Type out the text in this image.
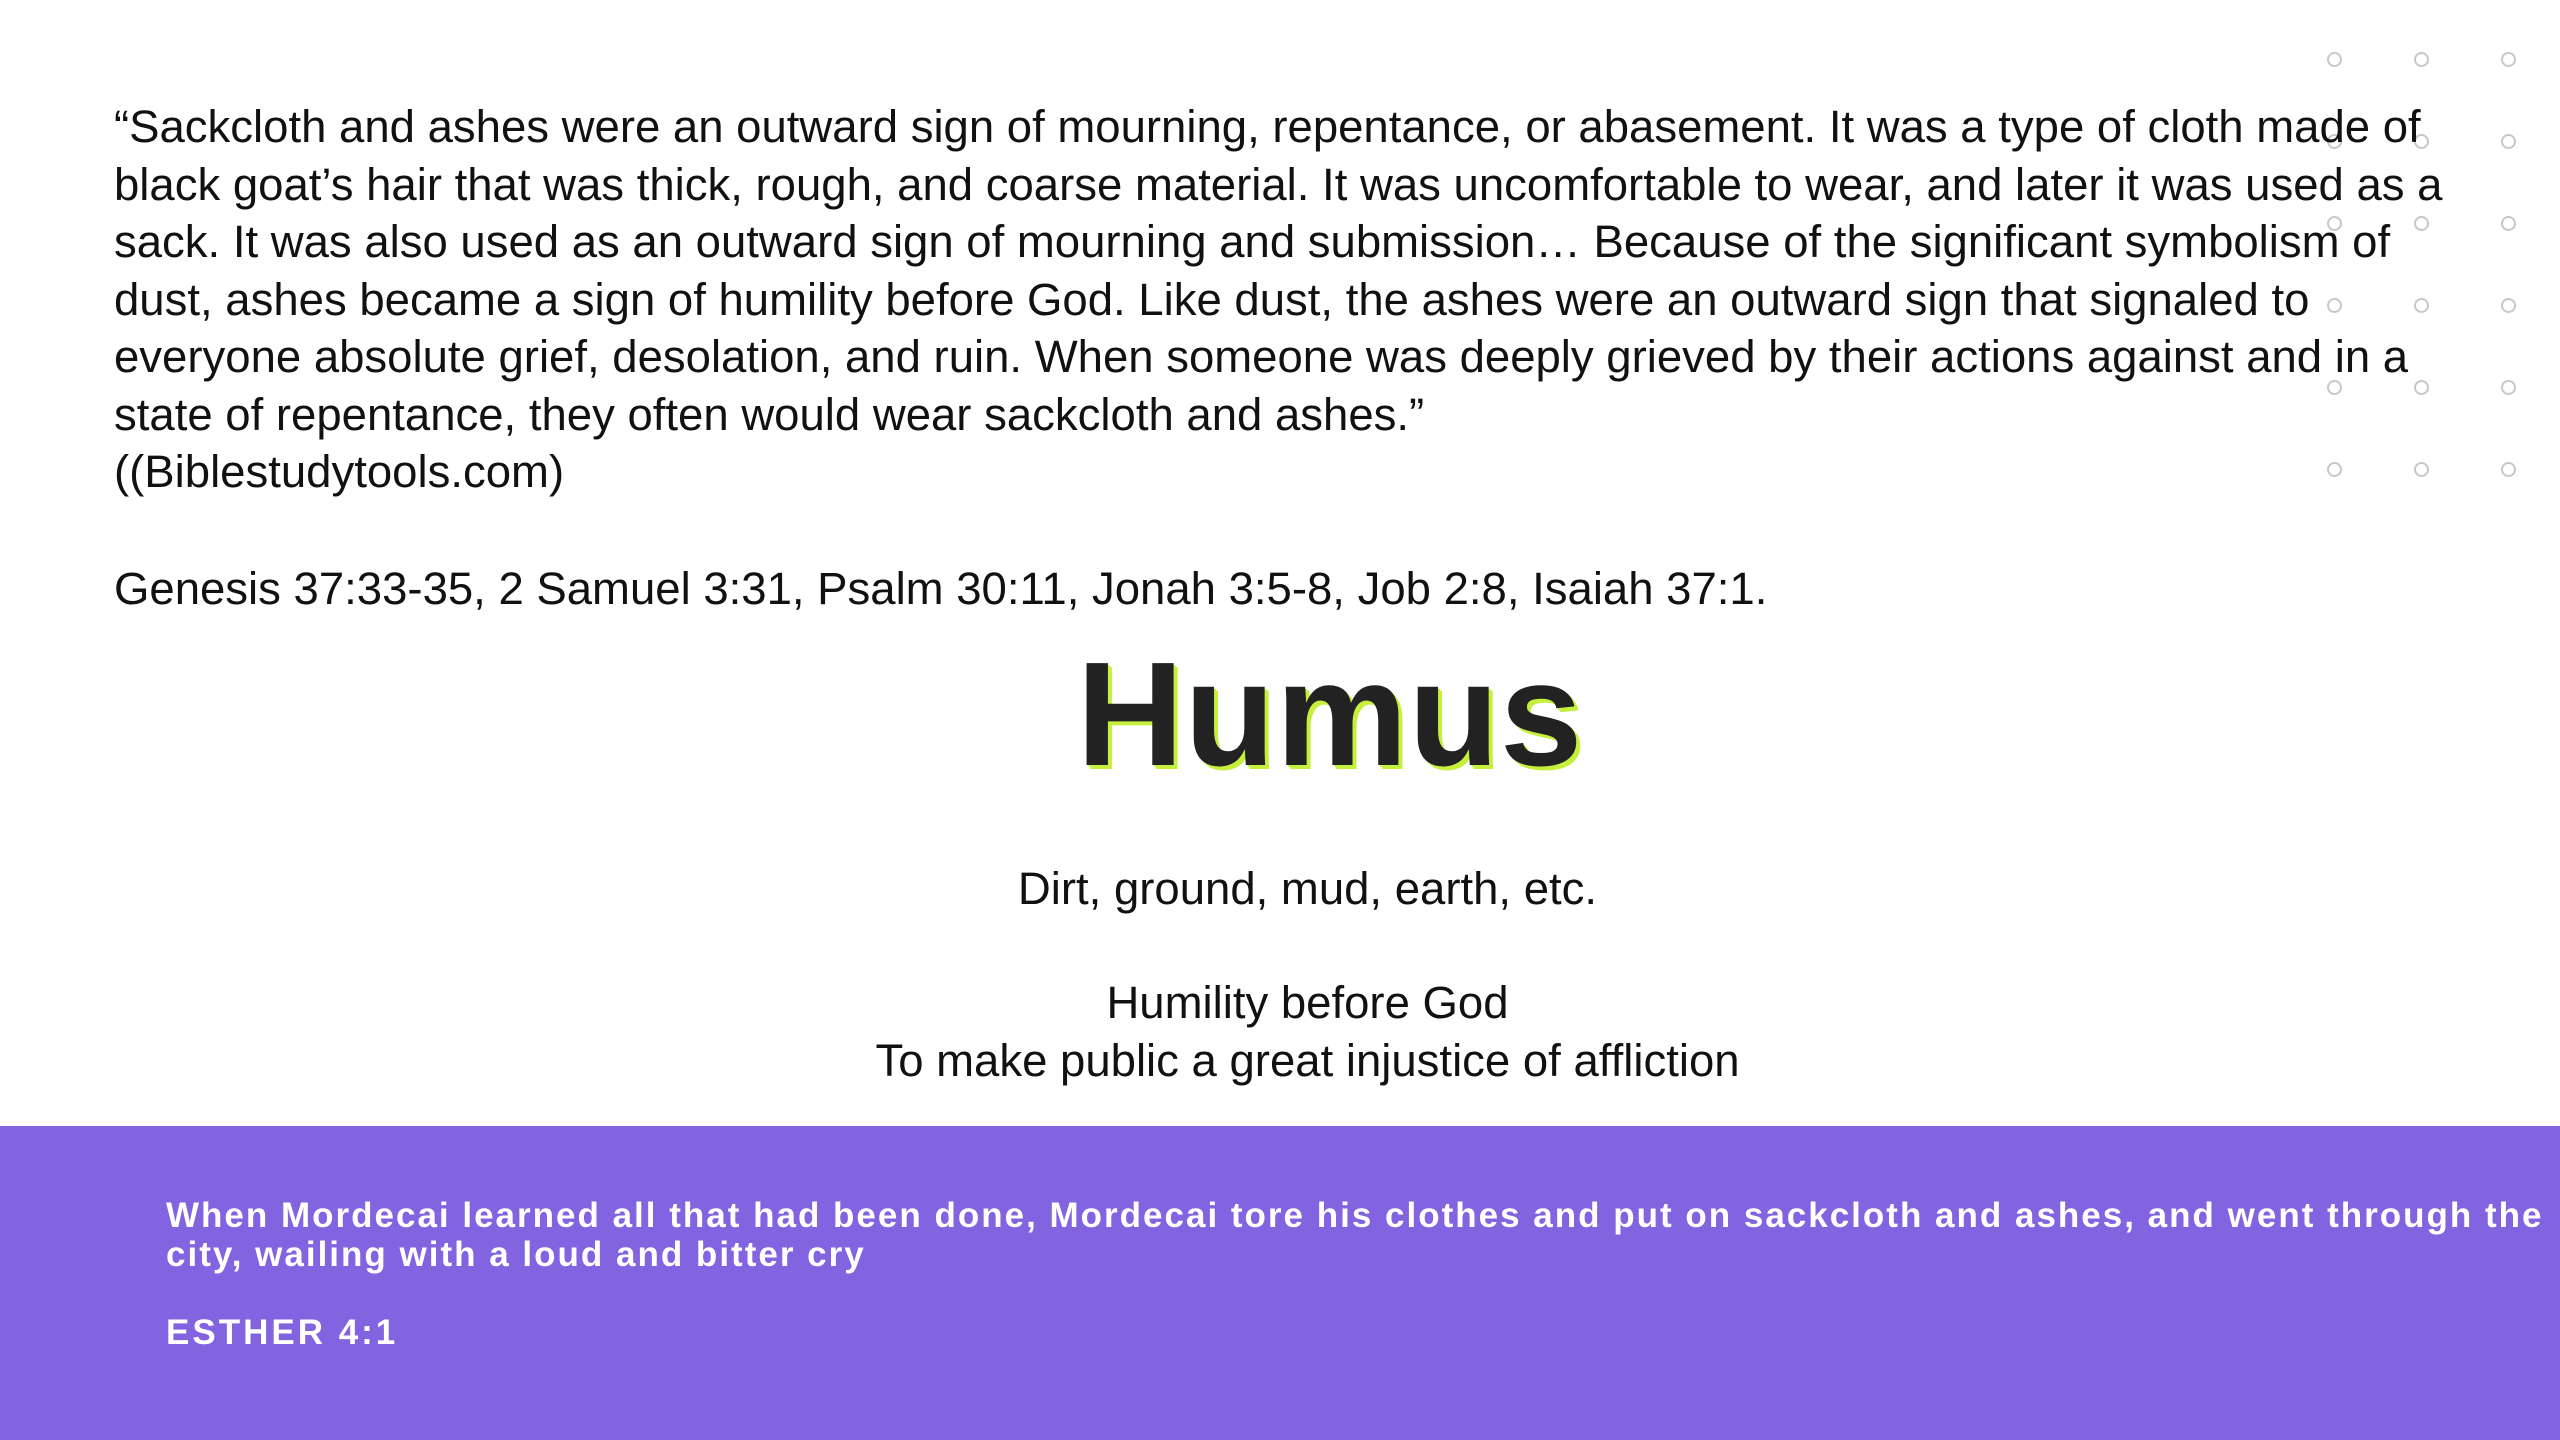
“Sackcloth and ashes were an outward sign of mourning, repentance, or abasement. It was a type of cloth made of black goat’s hair that was thick, rough, and coarse material. It was uncomfortable to wear, and later it was used as a sack. It was also used as an outward sign of mourning and submission… Because of the significant symbolism of dust, ashes became a sign of humility before God. Like dust, the ashes were an outward sign that signaled to everyone absolute grief, desolation, and ruin. When someone was deeply grieved by their actions against and in a state of repentance, they often would wear sackcloth and ashes.”
((Biblestudytools.com)

Genesis 37:33-35, 2 Samuel 3:31, Psalm 30:11, Jonah 3:5-8, Job 2:8, Isaiah 37:1.

Humus

Dirt, ground, mud, earth, etc.

Humility before God

To make public a great injustice of affliction

When Mordecai learned all that had been done, Mordecai tore his clothes and put on sackcloth and ashes, and went through the city, wailing with a loud and bitter cry

ESTHER 4:1
